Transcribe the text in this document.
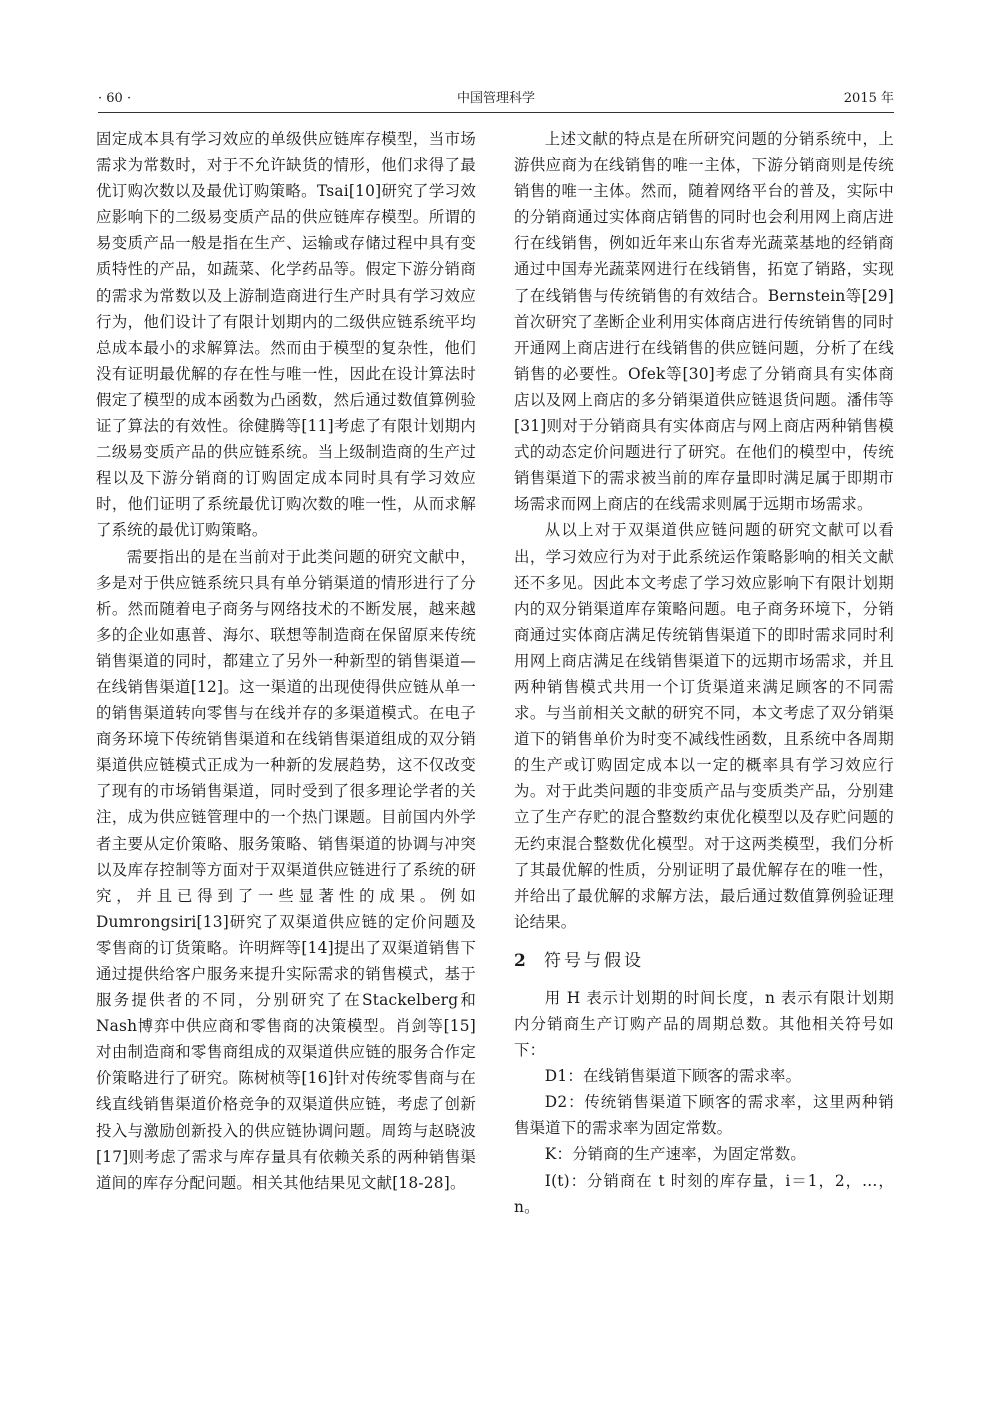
· 60 ·	中国管理科学	2015 年

固定成本具有学习效应的单级供应链库存模型，当市场需求为常数时，对于不允许缺货的情形，他们求得了最优订购次数以及最优订购策略。Tsai[10]研究了学习效应影响下的二级易变质产品的供应链库存模型。所谓的易变质产品一般是指在生产、运输或存储过程中具有变质特性的产品，如蔬菜、化学药品等。假定下游分销商的需求为常数以及上游制造商进行生产时具有学习效应行为，他们设计了有限计划期内的二级供应链系统平均总成本最小的求解算法。然而由于模型的复杂性，他们没有证明最优解的存在性与唯一性，因此在设计算法时假定了模型的成本函数为凸函数，然后通过数值算例验证了算法的有效性。徐健腾等[11]考虑了有限计划期内二级易变质产品的供应链系统。当上级制造商的生产过程以及下游分销商的订购固定成本同时具有学习效应时，他们证明了系统最优订购次数的唯一性，从而求解了系统的最优订购策略。

需要指出的是在当前对于此类问题的研究文献中，多是对于供应链系统只具有单分销渠道的情形进行了分析。然而随着电子商务与网络技术的不断发展，越来越多的企业如惠普、海尔、联想等制造商在保留原来传统销售渠道的同时，都建立了另外一种新型的销售渠道—在线销售渠道[12]。这一渠道的出现使得供应链从单一的销售渠道转向零售与在线并存的多渠道模式。在电子商务环境下传统销售渠道和在线销售渠道组成的双分销渠道供应链模式正成为一种新的发展趋势，这不仅改变了现有的市场销售渠道，同时受到了很多理论学者的关注，成为供应链管理中的一个热门课题。目前国内外学者主要从定价策略、服务策略、销售渠道的协调与冲突以及库存控制等方面对于双渠道供应链进行了系统的研究，并且已得到了一些显著性的成果。例如Dumrongsiri[13]研究了双渠道供应链的定价问题及零售商的订货策略。许明辉等[14]提出了双渠道销售下通过提供给客户服务来提升实际需求的销售模式，基于服务提供者的不同，分别研究了在Stackelberg和Nash博弈中供应商和零售商的决策模型。肖剑等[15]对由制造商和零售商组成的双渠道供应链的服务合作定价策略进行了研究。陈树桢等[16]针对传统零售商与在线直线销售渠道价格竞争的双渠道供应链，考虑了创新投入与激励创新投入的供应链协调问题。周筠与赵晓波[17]则考虑了需求与库存量具有依赖关系的两种销售渠道间的库存分配问题。相关其他结果见文献[18-28]。

上述文献的特点是在所研究问题的分销系统中，上游供应商为在线销售的唯一主体，下游分销商则是传统销售的唯一主体。然而，随着网络平台的普及，实际中的分销商通过实体商店销售的同时也会利用网上商店进行在线销售，例如近年来山东省寿光蔬菜基地的经销商通过中国寿光蔬菜网进行在线销售，拓宽了销路，实现了在线销售与传统销售的有效结合。Bernstein等[29]首次研究了垄断企业利用实体商店进行传统销售的同时开通网上商店进行在线销售的供应链问题，分析了在线销售的必要性。Ofek等[30]考虑了分销商具有实体商店以及网上商店的多分销渠道供应链退货问题。潘伟等[31]则对于分销商具有实体商店与网上商店两种销售模式的动态定价问题进行了研究。在他们的模型中，传统销售渠道下的需求被当前的库存量即时满足属于即期市场需求而网上商店的在线需求则属于远期市场需求。

从以上对于双渠道供应链问题的研究文献可以看出，学习效应行为对于此系统运作策略影响的相关文献还不多见。因此本文考虑了学习效应影响下有限计划期内的双分销渠道库存策略问题。电子商务环境下，分销商通过实体商店满足传统销售渠道下的即时需求同时利用网上商店满足在线销售渠道下的远期市场需求，并且两种销售模式共用一个订货渠道来满足顾客的不同需求。与当前相关文献的研究不同，本文考虑了双分销渠道下的销售单价为时变不减线性函数，且系统中各周期的生产或订购固定成本以一定的概率具有学习效应行为。对于此类问题的非变质产品与变质类产品，分别建立了生产存贮的混合整数约束优化模型以及存贮问题的无约束混合整数优化模型。对于这两类模型，我们分析了其最优解的性质，分别证明了最优解存在的唯一性，并给出了最优解的求解方法，最后通过数值算例验证理论结果。

2 符号与假设

用 H 表示计划期的时间长度，n 表示有限计划期内分销商生产订购产品的周期总数。其他相关符号如下：

D1：在线销售渠道下顾客的需求率。

D2：传统销售渠道下顾客的需求率，这里两种销售渠道下的需求率为固定常数。

K：分销商的生产速率，为固定常数。

I(t)：分销商在 t 时刻的库存量，i＝1，2，…，n。
